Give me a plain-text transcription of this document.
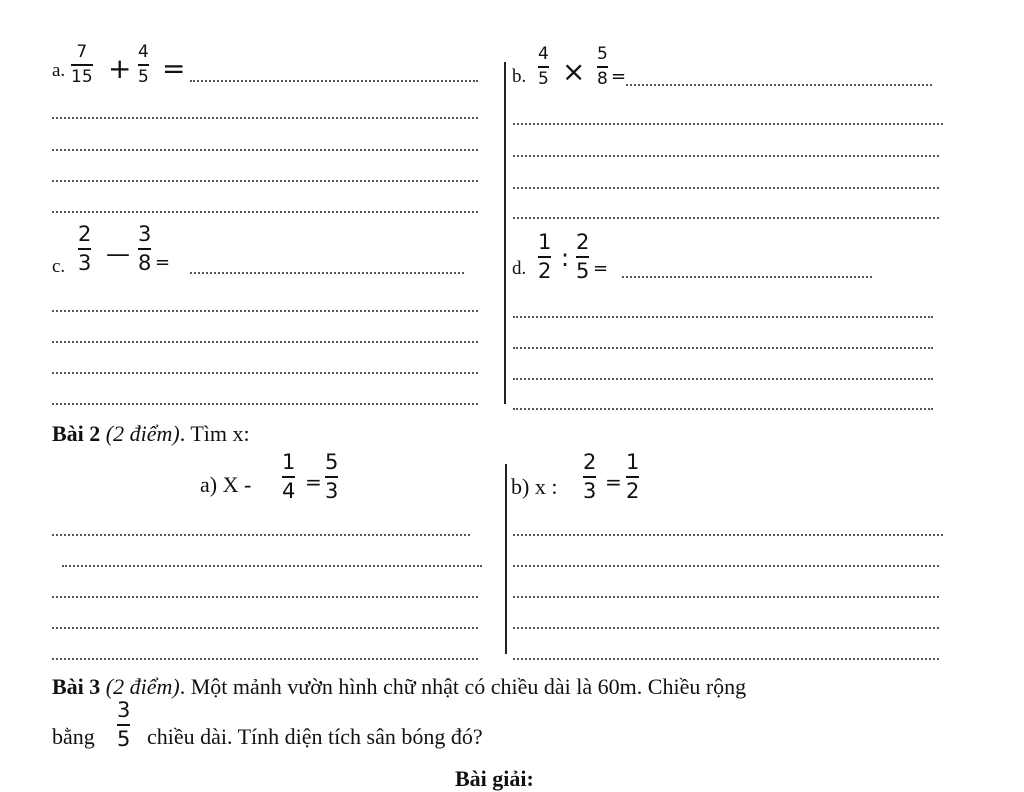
a.
7
15 + 4
5 =	b.
4
5 ×
5
8 =
c.
2
3 —
3
8 =	d.
1
2 :
2
5 =
Bài 2 (2 điểm). Tìm x:
a) X -
1
4 =
5
3	b) x :
2
3 =
1
2
Bài 3 (2 điểm). Một mảnh vườn hình chữ nhật có chiều dài là 60m. Chiều rộng
bằng
3
5 chiều dài. Tính diện tích sân bóng đó?
Bài giải:
